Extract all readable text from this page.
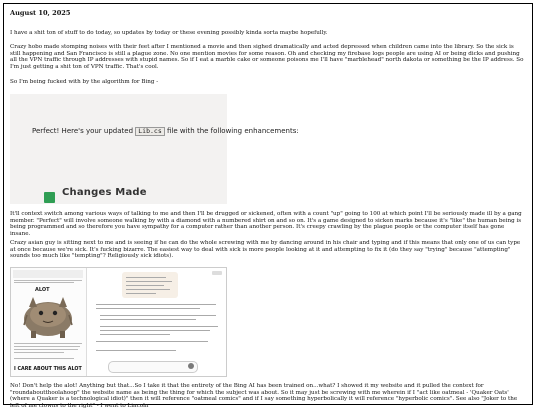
August 10, 2025

I have a shit ton of stuff to do today, so updates by today or these evening possibly kinda sorta maybe hopefully.

Crazy hobo made stomping noises with their feet after I mentioned a movie and then sighed dramatically and acted depressed when children came into the library. So the sick is still happening and San Francisco is still a plague zone. No one mention movies for some reason. Oh and checking my firebase logs people are using AI or being dicks and pushing all the VPN traffic through IP addresses with stupid names. So if I eat a marble cake or someone poisons me I'll have "marblehead" north dakota or something be the IP address. So I'm just getting a shit ton of VPN traffic. That's cool.

So I'm being fucked with by the algorithm for Bing -

Perfect! Here's your updated Lib.cs file with the following enhancements:
Changes Made

It'll context switch among various ways of talking to me and then I'll be drugged or sickened, often with a count "up" going to 100 at which point I'll be seriously made ill by a gang member. "Perfect" will involve someone walking by with a diamond with a numbered shirt on and so on. It's a game designed to sicken marks because it's "like" the human being is being programmed and so therefore you have sympathy for a computer rather than another person. It's creepy crawling by the plague people or the computer itself has gone insane.

Crazy asian guy is sitting next to me and is seeing if he can do the whole screwing with me by dancing around in his chair and typing and if this means that only one of us can type at once because we're sick. It's fucking bizarre. The easiest way to deal with sick is more people looking at it and attempting to fix it (do they say "trying" because "attempting" sounds too much like "tempting"? Religiously sick idiots).

ALOT
I CARE ABOUT THIS ALOT

No! Don't help the alot! Anything but that...So I take it that the entirety of the Bing AI has been trained on...what? I showed it my website and it pulled the context for "roundaboutthoolahoop" the website name as being the thing for which the subject was about. So it may just be screwing with me wherein if I "act like oatmeal - 'Quaker Oats' (where a Quaker is a technological idiot)" then it will reference "oatmeal comics" and if I say something hyperbolically it will reference "hyperbolic comics". See also "Joker to the left of me clowns to the right" - I went to Lincoln
